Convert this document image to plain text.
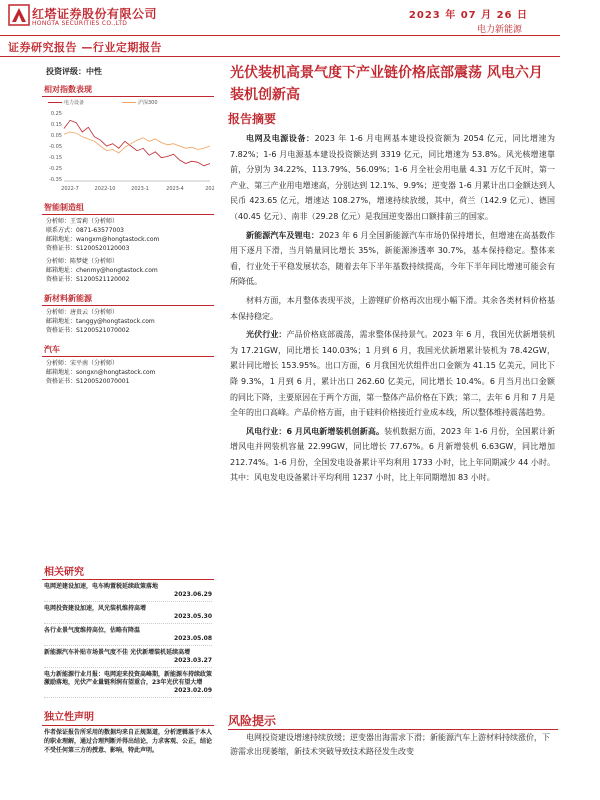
红塔证券股份有限公司
HONGTA SECURITIES CO.,LTD
2023 年 07 月 26 日
电力新能源
证券研究报告 —行业定期报告
投资评级：中性
相对指数表现
电力设备	沪深300
0.25
0.15
0.05
-0.05
-0.15
-0.25
-0.35
2022-7	2022-10	2023-1	2023-4	202
智能制造组
分析师：王雪莉（分析师）
联系方式：0871-63577003
邮箱地址：wangxm@hongtastock.com
资格证书：S1200520120003
分析师：陈梦婕（分析师）
邮箱地址：chenmy@hongtastock.com
资格证书：S1200521120002
新材料新能源
分析师：唐贵云（分析师）
邮箱地址：tanggy@hongtastock.com
资格证书：S1200521070002
汽车
分析师：宋平南（分析师）
邮箱地址：songxn@hongtastock.com
资格证书：S1200520070001
相关研究
电网逆建设加速，电车购置税延续政策落地
2023.06.29
电网投资建设加速，风光装机维持高增
2023.05.30
各行业景气度维持高位，估略有降温
2023.05.08
新能源汽车补贴市场景气度不佳 光伏新增装机延续高增
2023.03.27
电力新能源行业月报：电网迎来投资高峰期，新能源车持续政策激励落地，光伏产业量链利润有望重合，23年光伏有望大增
2023.02.09
独立性声明
作者保证报告所采用的数据均来自正规渠道，分析逻辑基于本人的职业理解，通过合理判断并得出结论，力求客观、公正，结论不受任何第三方的授意、影响，特此声明。
光伏装机高景气度下产业链价格底部震荡 风电六月装机创新高
报告摘要

电网及电源设备：2023 年 1-6 月电网基本建设投资额为 2054 亿元，同比增速为 7.82%；1-6 月电源基本建设投资额达到 3319 亿元，同比增速为 53.8%。风光核增速靠前，分别为 34.22%、113.79%、56.09%；1-6 月全社会用电量 4.31 万亿千瓦时，第一产业、第三产业用电增速高，分别达到 12.1%、9.9%；逆变器 1-6 月累计出口金额达到人民币 423.65 亿元，增速达 108.27%，增速持续放缓，其中，荷兰（142.9 亿元）、德国（40.45 亿元）、南非（29.28 亿元）是我国逆变器出口额排前三的国家。

新能源汽车及锂电：2023 年 6 月全国新能源汽车市场仍保持增长，但增速在高基数作用下逐月下滑，当月销量同比增长 35%，新能源渗透率 30.7%，基本保持稳定。整体来看，行业处于平稳发展状态，随着去年下半年基数持续提高，今年下半年同比增速可能会有所降低。

材料方面，本月整体表现平淡，上游锂矿价格再次出现小幅下滑。其余各类材料价格基本保持稳定。

光伏行业：产品价格底部震荡，需求整体保持景气。2023 年 6 月，我国光伏新增装机为 17.21GW，同比增长 140.03%；1 月到 6 月，我国光伏新增累计装机为 78.42GW，累计同比增长 153.95%。出口方面，6 月我国光伏组件出口金额为 41.15 亿美元，同比下降 9.3%，1 月到 6 月，累计出口 262.60 亿美元，同比增长 10.4%。6 月当月出口金额的同比下降，主要原因在于两个方面，第一整体产品价格在下跌；第二，去年 6 月和 7 月是全年的出口高峰。产品价格方面，由于硅料价格接近行业成本线，所以整体维持震荡趋势。

风电行业：6 月风电新增装机创新高。装机数据方面，2023 年 1-6 月份，全国累计新增风电并网装机容量 22.99GW，同比增长 77.67%。6 月新增装机 6.63GW，同比增加 212.74%。1-6 月份，全国发电设备累计平均利用 1733 小时，比上年同期减少 44 小时。其中：风电发电设备累计平均利用 1237 小时，比上年同期增加 83 小时。

风险提示
电网投资建设增速持续放缓；逆变器出海需求下滑；新能源汽车上游材料持续涨价，下游需求出现萎缩，新技术突破导致技术路径发生改变
